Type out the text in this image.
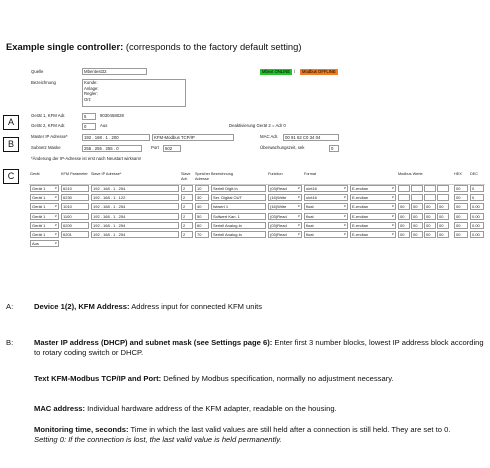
Example single controller: (corresponds to the factory default setting)
A
B
C
Quelle	Mbentest32	Mbext ONLINE /	Modbus OFFLINE
Bezeichnung	Kunde:
Anlage:
Regler:
Ort:
Gerät 1, KFM Adr.	5	9030458028
Gerät 2, KFM Adr.	0	Aus	Deaktivierung Gerät 2 = Adr 0
Master IP Adresse*	192 . 168 . 1 . 200	KFM-Modbus TCP/IP	MAC Adr.	00 91 62 C0 34 04
Subnetz Maske	255 . 255 . 255 . 0	Port	502	Überwachungszeit, sek	0
*Änderung der IP-Adresse ist erst nach Neustart wirksam!
Gerät	KFM Parameter	Slave IP Adresse*	Slave Adr.	Speicher Adresse	Bezeichnung	Funktion	Format		Modbus Werte	HEX	DEC

Gerät 1 ∨	6210	192 . 168 . 1 . 254	2	10	Seriell Digit.In	(03)Read ∨	uint16 ∨	E-endian ∨		00	0

Gerät 1 ∨	6230	192 . 168 . 1 . 122	2	30	Ser. Digital OUT	(16)Write ∨	uint16 ∨	E-endian ∨		00	0

Gerät 1 ∨	1010	192 . 168 . 1 . 254	2	40	Istwert 1	(16)Write ∨	float ∨	E-endian ∨	00 00 00 00	00	0.00

Gerät 1 ∨	1100	192 . 168 . 1 . 254	2	50	Sollwert Kan. 1	(03)Read ∨	float ∨	E-endian ∨	00 00 00 00	00	0.00

Gerät 1 ∨	6200	192 . 168 . 1 . 254	2	60	Seriell Analog.In	(03)Read ∨	float ∨	E-endian ∨	00 00 00 00	00	0.00

Gerät 1 ∨	6201	192 . 168 . 1 . 254	2	70	Seriell Analog.In	(03)Read ∨	float ∨	E-endian ∨	00 00 00 00	00	0.00

Aus ∨
A:	Device 1(2), KFM Address: Address input for connected KFM units
B:	Master IP address (DHCP) and subnet mask (see Settings page 6): Enter first 3 number blocks, lowest IP address block according to rotary coding switch or DHCP.
Text KFM-Modbus TCP/IP and Port: Defined by Modbus specification, normally no adjustment necessary.
MAC address: Individual hardware address of the KFM adapter, readable on the housing.
Monitoring time, seconds: Time in which the last valid values are still held after a connection is still held. They are set to 0.
Setting 0: If the connection is lost, the last valid value is held permanently.
